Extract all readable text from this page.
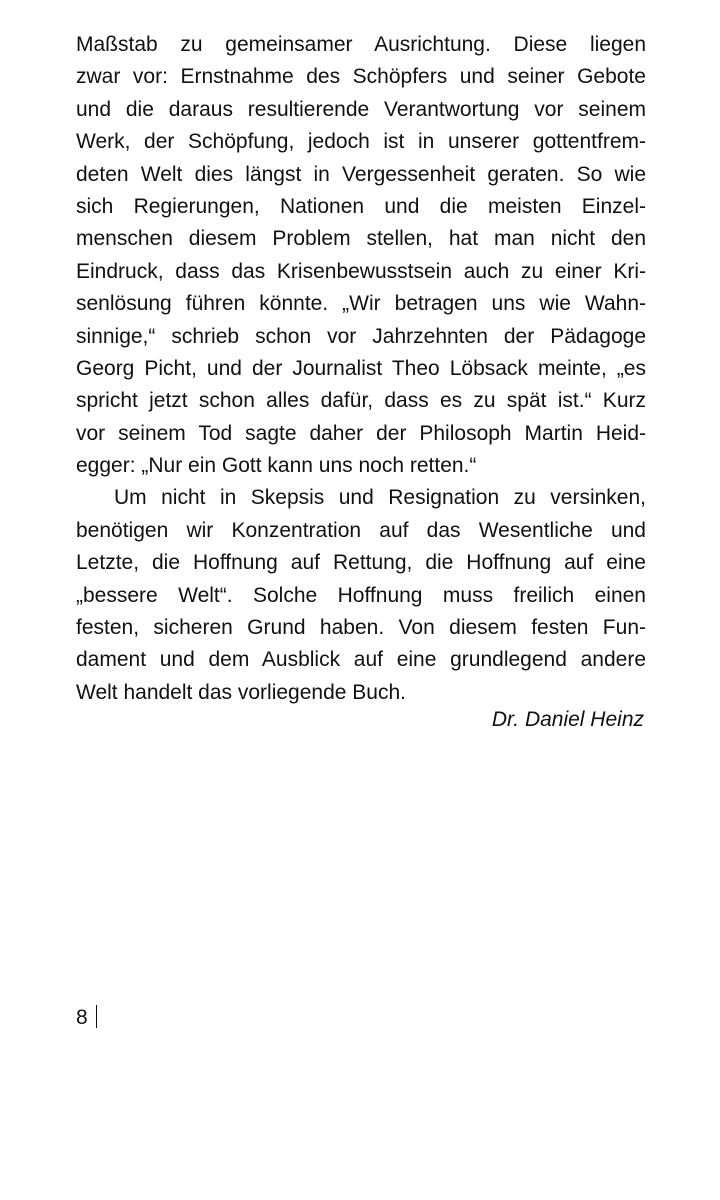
Maßstab zu gemeinsamer Ausrichtung. Diese liegen
zwar vor: Ernstnahme des Schöpfers und seiner Gebote
und die daraus resultierende Verantwortung vor seinem
Werk, der Schöpfung, jedoch ist in unserer gottentfrem-
deten Welt dies längst in Vergessenheit geraten. So wie
sich Regierungen, Nationen und die meisten Einzel-
menschen diesem Problem stellen, hat man nicht den
Eindruck, dass das Krisenbewusstsein auch zu einer Kri-
senlösung führen könnte. „Wir betragen uns wie Wahn-
sinnige,“ schrieb schon vor Jahrzehnten der Pädagoge
Georg Picht, und der Journalist Theo Löbsack meinte, „es
spricht jetzt schon alles dafür, dass es zu spät ist.“ Kurz
vor seinem Tod sagte daher der Philosoph Martin Heid-
egger: „Nur ein Gott kann uns noch retten.“
Um nicht in Skepsis und Resignation zu versinken,
benötigen wir Konzentration auf das Wesentliche und
Letzte, die Hoffnung auf Rettung, die Hoffnung auf eine
„bessere Welt“. Solche Hoffnung muss freilich einen
festen, sicheren Grund haben. Von diesem festen Fun-
dament und dem Ausblick auf eine grundlegend andere
Welt handelt das vorliegende Buch.
Dr. Daniel Heinz
8
